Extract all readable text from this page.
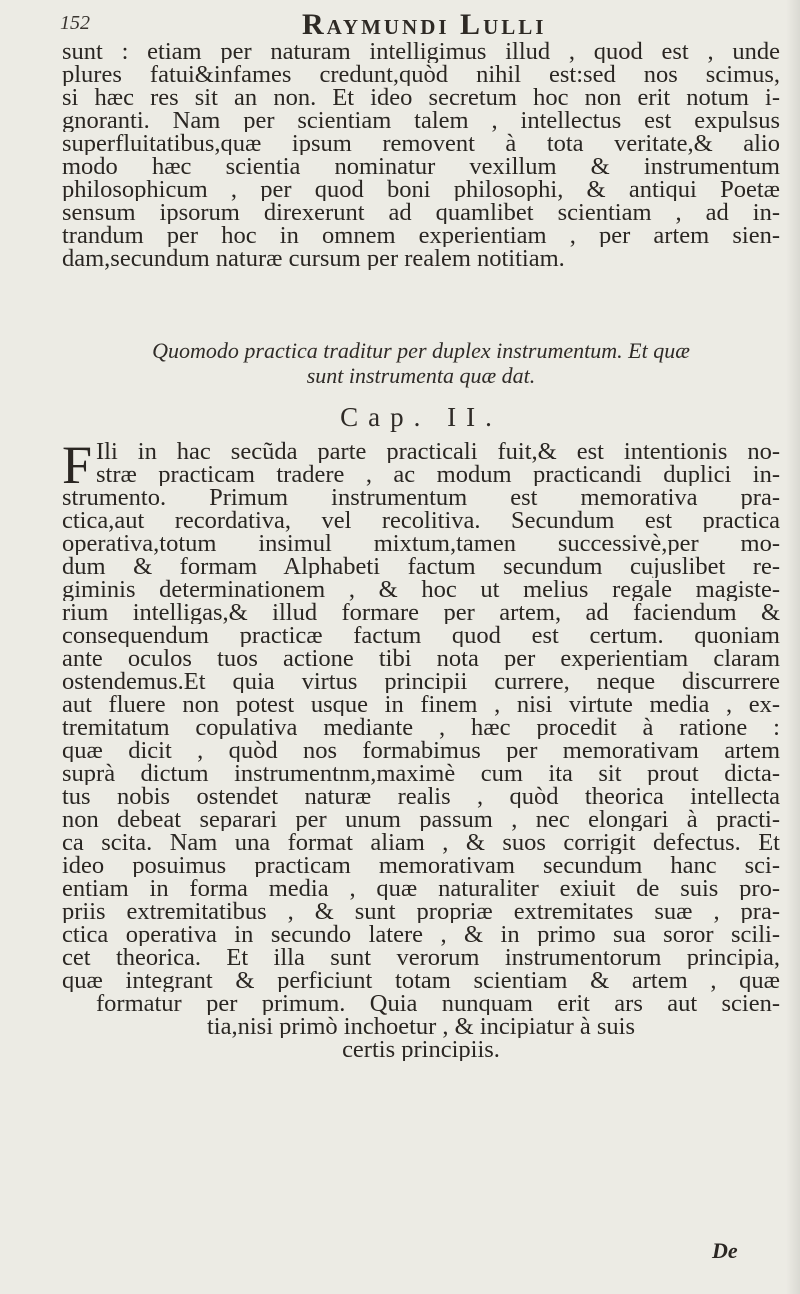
152	Raymundi Lulli
sunt : etiam per naturam intelligimus illud , quod est , unde
plures fatui&infames credunt,quòd nihil est:sed nos scimus,
si hæc res sit an non. Et ideo secretum hoc non erit notum i-
gnoranti. Nam per scientiam talem , intellectus est expulsus
superfluitatibus,quæ ipsum removent à tota veritate,& alio
modo hæc scientia nominatur vexillum & instrumentum
philosophicum , per quod boni philosophi, & antiqui Poetæ
sensum ipsorum direxerunt ad quamlibet scientiam , ad in-
trandum per hoc in omnem experientiam , per artem sien-
dam,secundum naturæ cursum per realem notitiam.
Quomodo practica traditur per duplex instrumentum. Et quæ
sunt instrumenta quæ dat.
Cap. II.
F Ili in hac secũda parte practicali fuit,& est intentionis no-
stræ practicam tradere , ac modum practicandi duplici in-
strumento. Primum instrumentum est memorativa pra-
ctica,aut recordativa, vel recolitiva. Secundum est practica
operativa,totum insimul mixtum,tamen successivè,per mo-
dum & formam Alphabeti factum secundum cujuslibet re-
giminis determinationem , & hoc ut melius regale magiste-
rium intelligas,& illud formare per artem, ad faciendum &
consequendum practicæ factum quod est certum. quoniam
ante oculos tuos actione tibi nota per experientiam claram
ostendemus.Et quia virtus principii currere, neque discurrere
aut fluere non potest usque in finem , nisi virtute media , ex-
tremitatum copulativa mediante , hæc procedit à ratione :
quæ dicit , quòd nos formabimus per memorativam artem
suprà dictum instrumentnm,maximè cum ita sit prout dicta-
tus nobis ostendet naturæ realis , quòd theorica intellecta
non debeat separari per unum passum , nec elongari à practi-
ca scita. Nam una format aliam , & suos corrigit defectus. Et
ideo posuimus practicam memorativam secundum hanc sci-
entiam in forma media , quæ naturaliter exiuit de suis pro-
priis extremitatibus , & sunt propriæ extremitates suæ , pra-
ctica operativa in secundo latere , & in primo sua soror scili-
cet theorica. Et illa sunt verorum instrumentorum principia,
quæ integrant & perficiunt totam scientiam & artem , quæ
formatur per primum. Quia nunquam erit ars aut scien-
tia,nisi primò inchoetur , & incipiatur à suis
certis principiis.
De
